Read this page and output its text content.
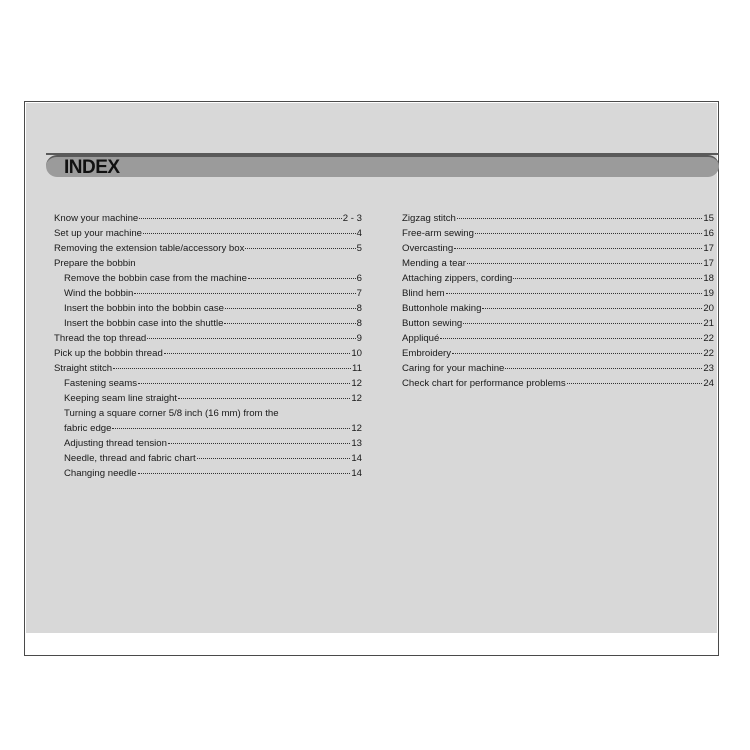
INDEX
Know your machine	2 - 3
Set up your machine	4
Removing the extension table/accessory box	5
Prepare the bobbin
Remove the bobbin case from the machine	6
Wind the bobbin	7
Insert the bobbin into the bobbin case	8
Insert the bobbin case into the shuttle	8
Thread the top thread	9
Pick up the bobbin thread	10
Straight stitch	11
Fastening seams	12
Keeping seam line straight	12
Turning a square corner 5/8 inch (16 mm) from the
fabric edge	12
Adjusting thread tension	13
Needle, thread and fabric chart	14
Changing needle	14
Zigzag stitch	15
Free-arm sewing	16
Overcasting	17
Mending a tear	17
Attaching zippers, cording	18
Blind hem	19
Buttonhole making	20
Button sewing	21
Appliqué	22
Embroidery	22
Caring for your machine	23
Check chart for performance problems	24
